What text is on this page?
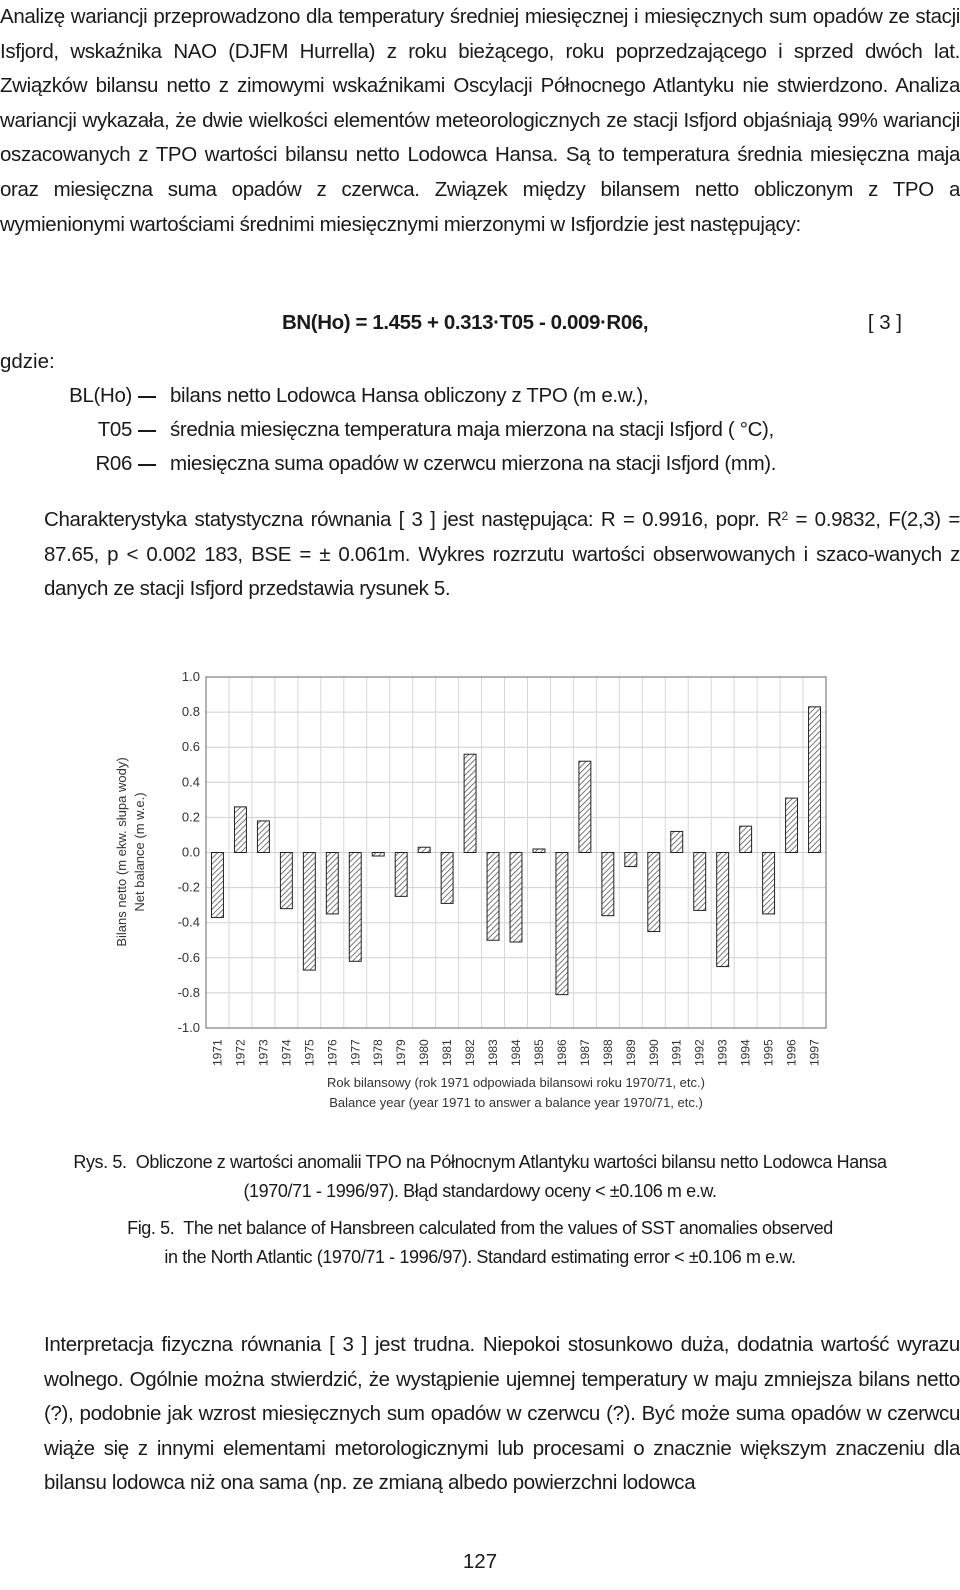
Analizę wariancji przeprowadzono dla temperatury średniej miesięcznej i miesięcznych sum opadów ze stacji Isfjord, wskaźnika NAO (DJFM Hurrella) z roku bieżącego, roku poprzedzającego i sprzed dwóch lat. Związków bilansu netto z zimowymi wskaźnikami Oscylacji Północnego Atlantyku nie stwierdzono. Analiza wariancji wykazała, że dwie wielkości elementów meteorologicznych ze stacji Isfjord objaśniają 99% wariancji oszacowanych z TPO wartości bilansu netto Lodowca Hansa. Są to temperatura średnia miesięczna maja oraz miesięczna suma opadów z czerwca. Związek między bilansem netto obliczonym z TPO a wymienionymi wartościami średnimi miesięcznymi mierzonymi w Isfjordzie jest następujący:

BN(Ho) = 1.455 + 0.313·T05 - 0.009·R06,	[ 3 ]
gdzie:
BL(Ho) bilans netto Lodowca Hansa obliczony z TPO (m e.w.),
T05 średnia miesięczna temperatura maja mierzona na stacji Isfjord ( °C),
R06 miesięczna suma opadów w czerwcu mierzona na stacji Isfjord (mm).

Charakterystyka statystyczna równania [ 3 ] jest następująca: R = 0.9916, popr. $R^2 = 0.9832$, F(2,3) = 87.65, p < 0.002 183, BSE = ± 0.061m. Wykres rozrzutu wartości obserwowanych i szaco-wanych z danych ze stacji Isfjord przedstawia rysunek 5.

1.0
0.8
0.6
0.4
0.2
0.0
-0.2
-0.4
-0.6
-0.8
-1.0
1971 1972 1973 1974 1975 1976 1977 1978 1979 1980 1981 1982 1983 1984 1985 1986 1987 1988 1989 1990 1991 1992 1993 1994 1995 1996 1997
Bilans netto (m ekw. słupa wody) Net balance (m w.e.)
Rok bilansowy (rok 1971 odpowiada bilansowi roku 1970/71, etc.)
Balance year (year 1971 to answer a balance year 1970/71, etc.)
Rys. 5. Obliczone z wartości anomalii TPO na Północnym Atlantyku wartości bilansu netto Lodowca Hansa
(1970/71 - 1996/97). Błąd standardowy oceny < ±0.106 m e.w.
Fig. 5. The net balance of Hansbreen calculated from the values of SST anomalies observed
in the North Atlantic (1970/71 - 1996/97). Standard estimating error < ±0.106 m e.w.

Interpretacja fizyczna równania [ 3 ] jest trudna. Niepokoi stosunkowo duża, dodatnia wartość wyrazu wolnego. Ogólnie można stwierdzić, że wystąpienie ujemnej temperatury w maju zmniejsza bilans netto (?), podobnie jak wzrost miesięcznych sum opadów w czerwcu (?). Być może suma opadów w czerwcu wiąże się z innymi elementami metorologicznymi lub procesami o znacznie większym znaczeniu dla bilansu lodowca niż ona sama (np. ze zmianą albedo powierzchni lodowca

127
